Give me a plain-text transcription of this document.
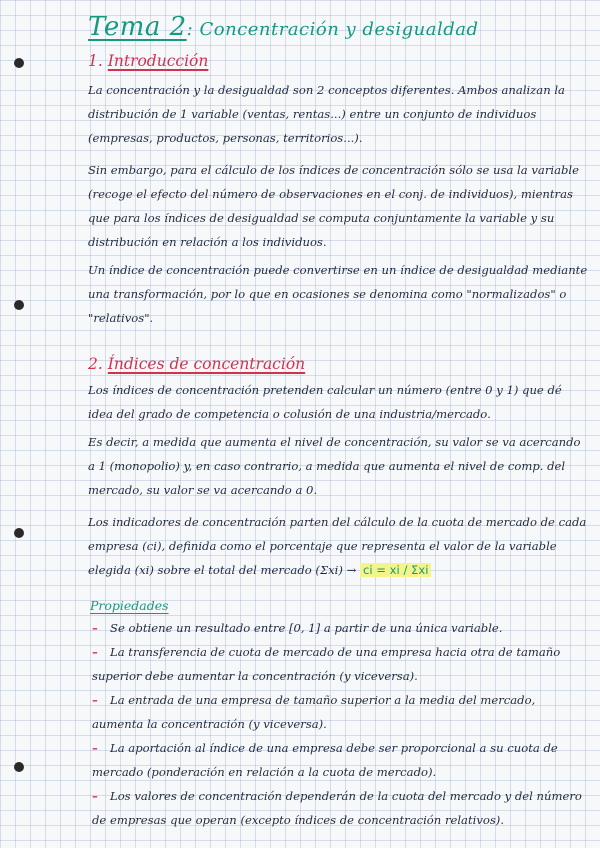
Tema 2: Concentración y desigualdad
1. Introducción
La concentración y la desigualdad son 2 conceptos diferentes. Ambos analizan la distribución de 1 variable (ventas, rentas...) entre un conjunto de individuos (empresas, productos, personas, territorios...).
Sin embargo, para el cálculo de los índices de concentración sólo se usa la variable (recoge el efecto del número de observaciones en el conj. de individuos), mientras que para los índices de desigualdad se computa conjuntamente la variable y su distribución en relación a los individuos.
Un índice de concentración puede convertirse en un índice de desigualdad mediante una transformación, por lo que en ocasiones se denomina como "normalizados" o "relativos".
2. Índices de concentración
Los índices de concentración pretenden calcular un número (entre 0 y 1) que dé idea del grado de competencia o colusión de una industria/mercado.
Es decir, a medida que aumenta el nivel de concentración, su valor se va acercando a 1 (monopolio) y, en caso contrario, a medida que aumenta el nivel de comp. del mercado, su valor se va acercando a 0.
Los indicadores de concentración parten del cálculo de la cuota de mercado de cada empresa (ci), definida como el porcentaje que representa el valor de la variable elegida (xi) sobre el total del mercado (Σxi) → ci = xi / Σxi
Propiedades
– Se obtiene un resultado entre [0, 1] a partir de una única variable.
– La transferencia de cuota de mercado de una empresa hacia otra de tamaño superior debe aumentar la concentración (y viceversa).
– La entrada de una empresa de tamaño superior a la media del mercado, aumenta la concentración (y viceversa).
– La aportación al índice de una empresa debe ser proporcional a su cuota de mercado (ponderación en relación a la cuota de mercado).
– Los valores de concentración dependerán de la cuota del mercado y del número de empresas que operan (excepto índices de concentración relativos).
